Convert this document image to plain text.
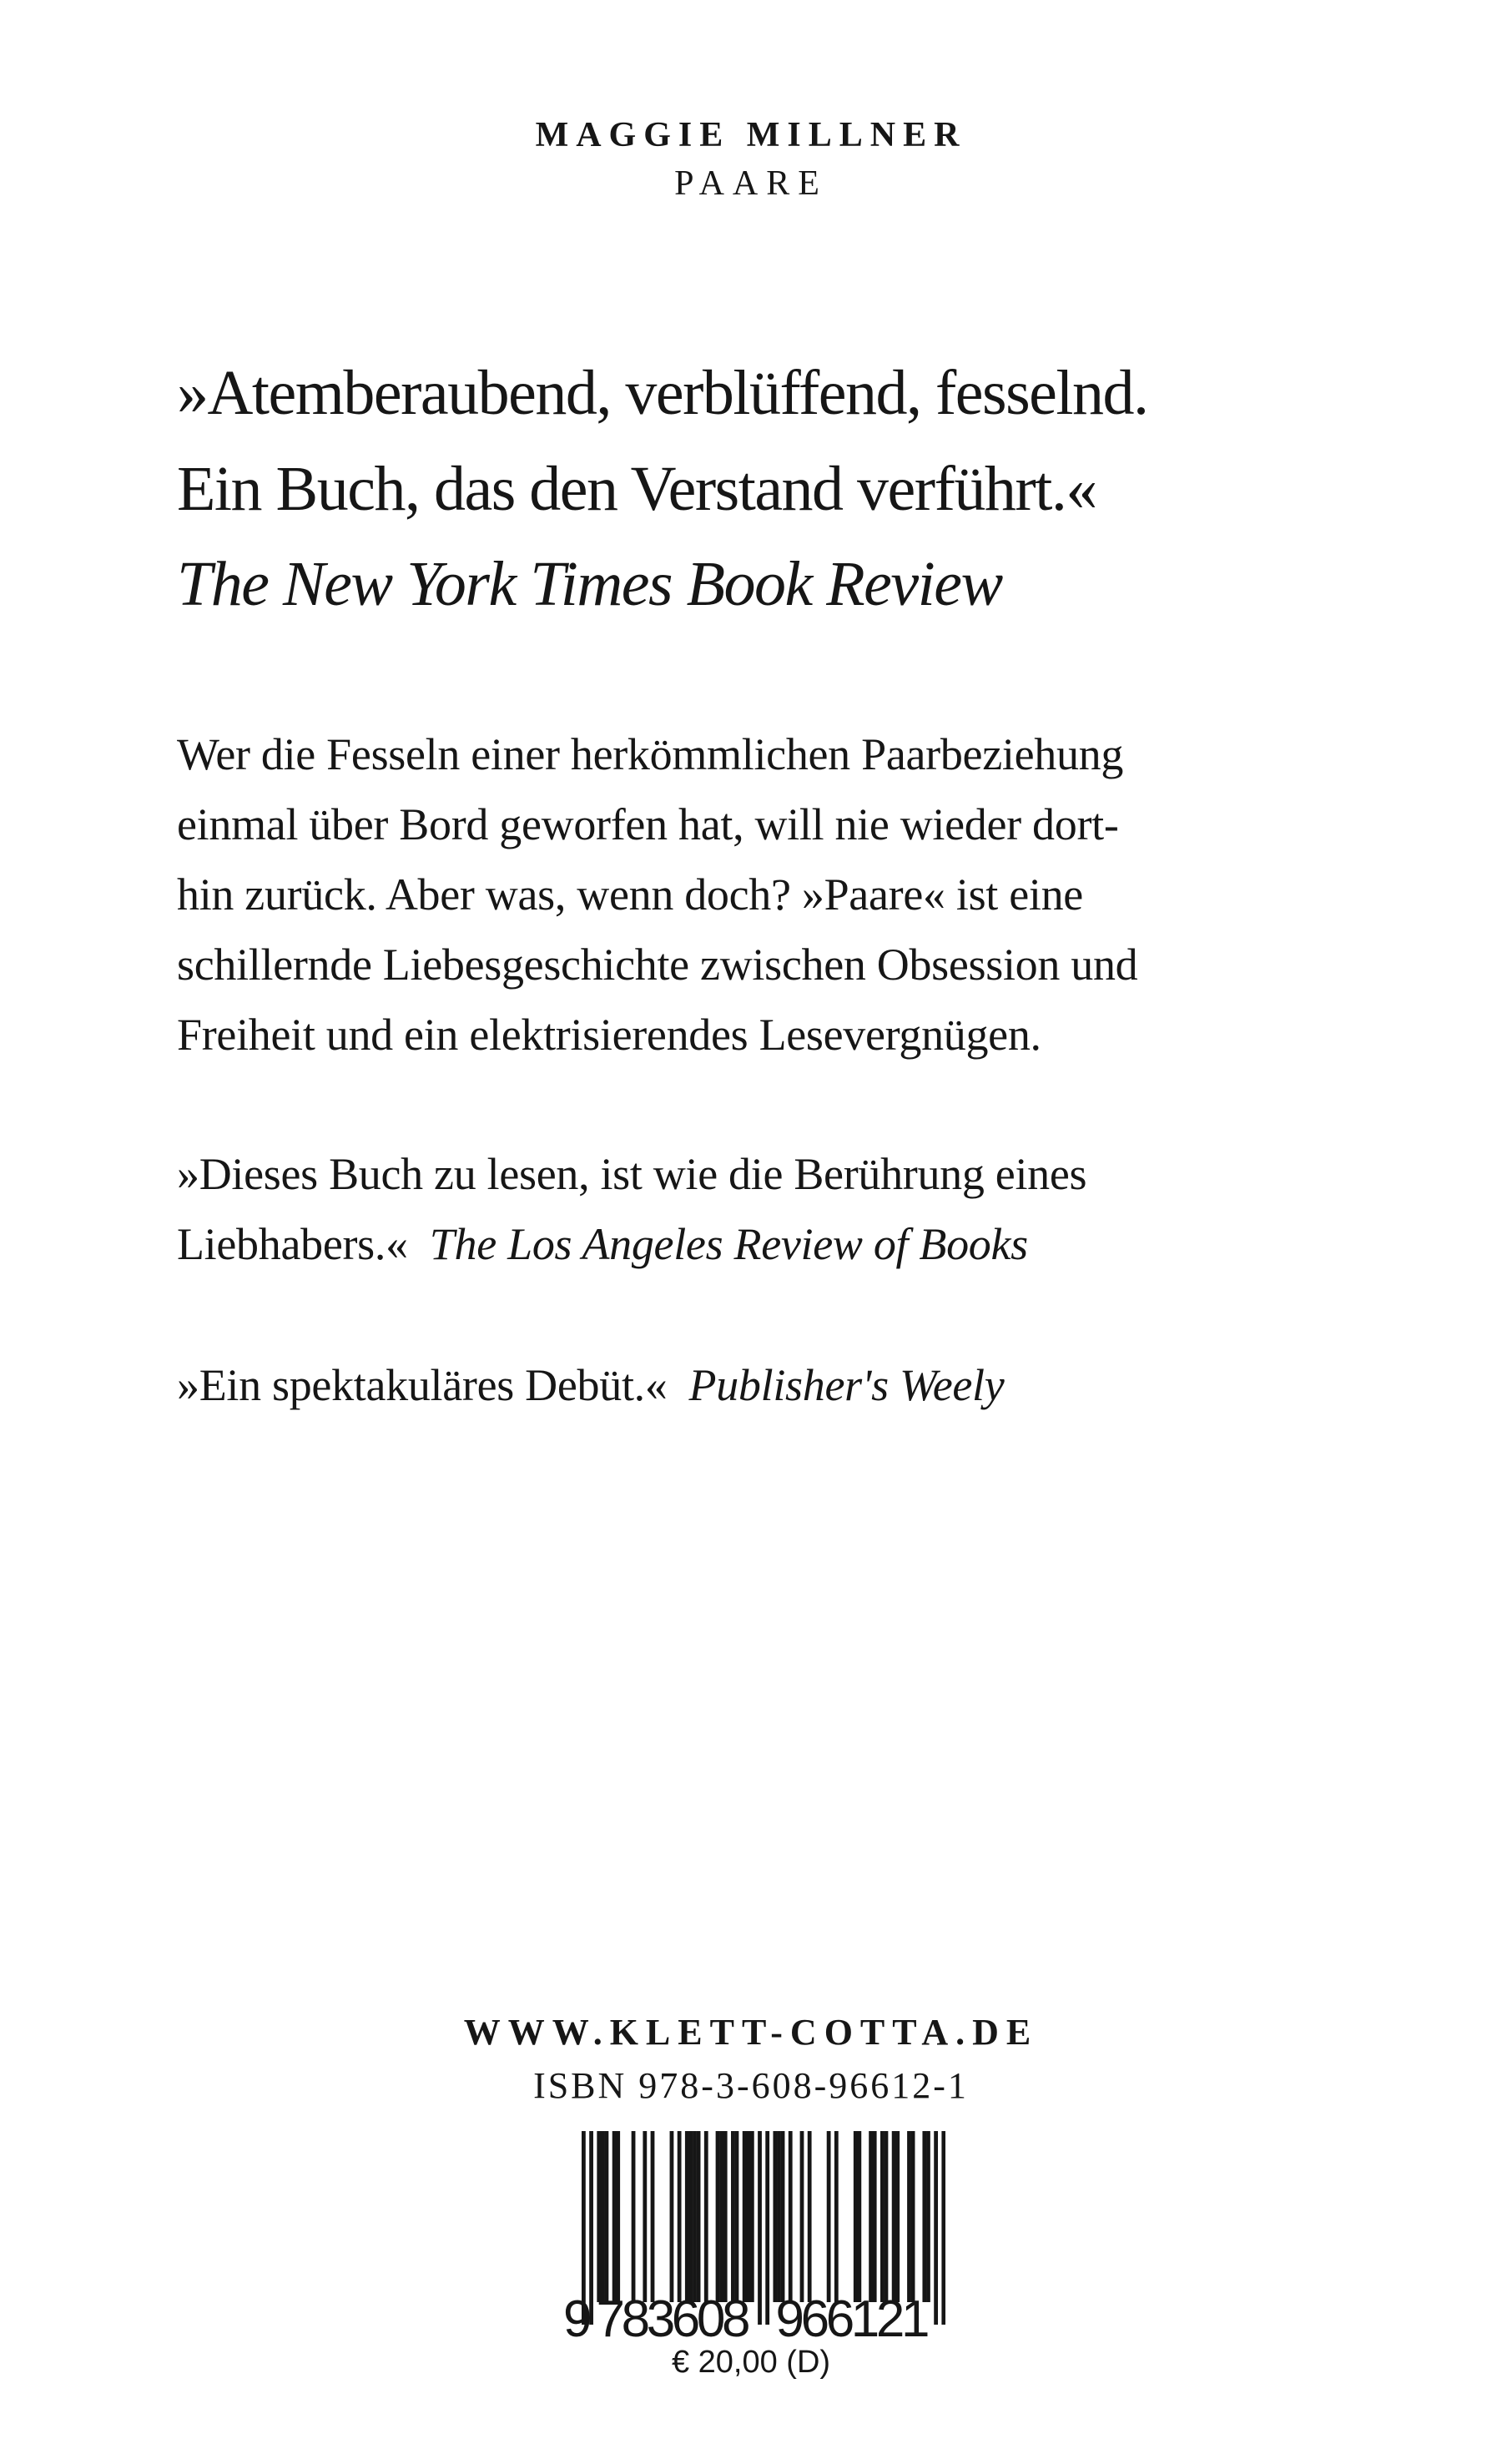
MAGGIE MILLNER
PAARE
»Atemberaubend, verblüffend, fesselnd.
Ein Buch, das den Verstand verführt.«
The New York Times Book Review
Wer die Fesseln einer herkömmlichen Paarbeziehung
einmal über Bord geworfen hat, will nie wieder dort-
hin zurück. Aber was, wenn doch? »Paare« ist eine
schillernde Liebesgeschichte zwischen Obsession und
Freiheit und ein elektrisierendes Lesevergnügen.
»Dieses Buch zu lesen, ist wie die Berührung eines
Liebhabers.« The Los Angeles Review of Books
»Ein spektakuläres Debüt.« Publisher's Weely
WWW.KLETT-COTTA.DE
ISBN 978-3-608-96612-1
9 783608 966121
€ 20,00 (D)
